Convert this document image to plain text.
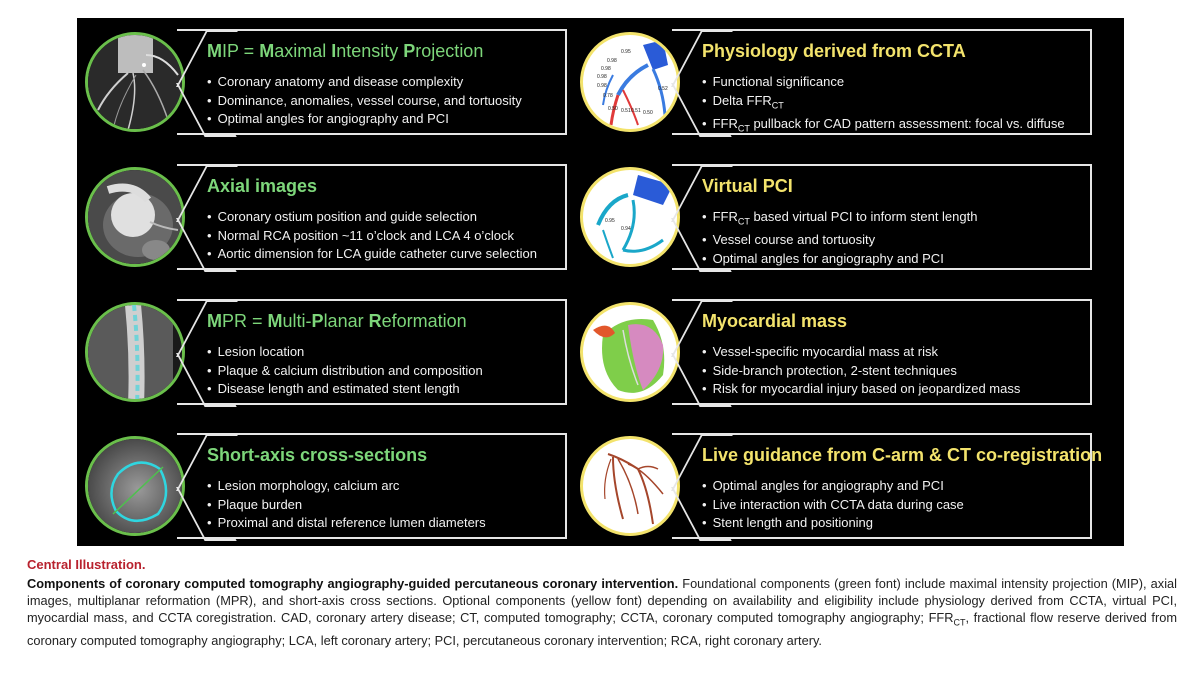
MIP = Maximal Intensity Projection
• Coronary anatomy and disease complexity
• Dominance, anomalies, vessel course, and tortuosity
• Optimal angles for angiography and PCI
Axial images
• Coronary ostium position and guide selection
• Normal RCA position ~11 o’clock and LCA 4 o’clock
• Aortic dimension for LCA guide catheter curve selection
MPR = Multi-Planar Reformation
• Lesion location
• Plaque & calcium distribution and composition
• Disease length and estimated stent length
Short-axis cross-sections
• Lesion morphology, calcium arc
• Plaque burden
• Proximal and distal reference lumen diameters
0.95
0.98
0.98
0.98
0.98	0.52
0.78
0.50 0.51 0.51 0.50
Physiology derived from CCTA
• Functional significance
• Delta $FFR_{CT}$
• $FFR_{CT}$ pullback for CAD pattern assessment: focal vs. diffuse
0.95
0.94
Virtual PCI
• $FFR_{CT}$ based virtual PCI to inform stent length
• Vessel course and tortuosity
• Optimal angles for angiography and PCI
Myocardial mass
• Vessel-specific myocardial mass at risk
• Side-branch protection, 2-stent techniques
• Risk for myocardial injury based on jeopardized mass
Live guidance from C-arm & CT co-registration
• Optimal angles for angiography and PCI
• Live interaction with CCTA data during case
• Stent length and positioning
Central Illustration.
Components of coronary computed tomography angiography-guided percutaneous coronary intervention. Foundational components (green font) include maximal intensity projection (MIP), axial images, multiplanar reformation (MPR), and short-axis cross sections. Optional components (yellow font) depending on availability and eligibility include physiology derived from CCTA, virtual PCI, myocardial mass, and CCTA coregistration. CAD, coronary artery disease; CT, computed tomography; CCTA, coronary computed tomography angiography; $FFR_{CT}$, fractional flow reserve derived from coronary computed tomography angiography; LCA, left coronary artery; PCI, percutaneous coronary intervention; RCA, right coronary artery.
